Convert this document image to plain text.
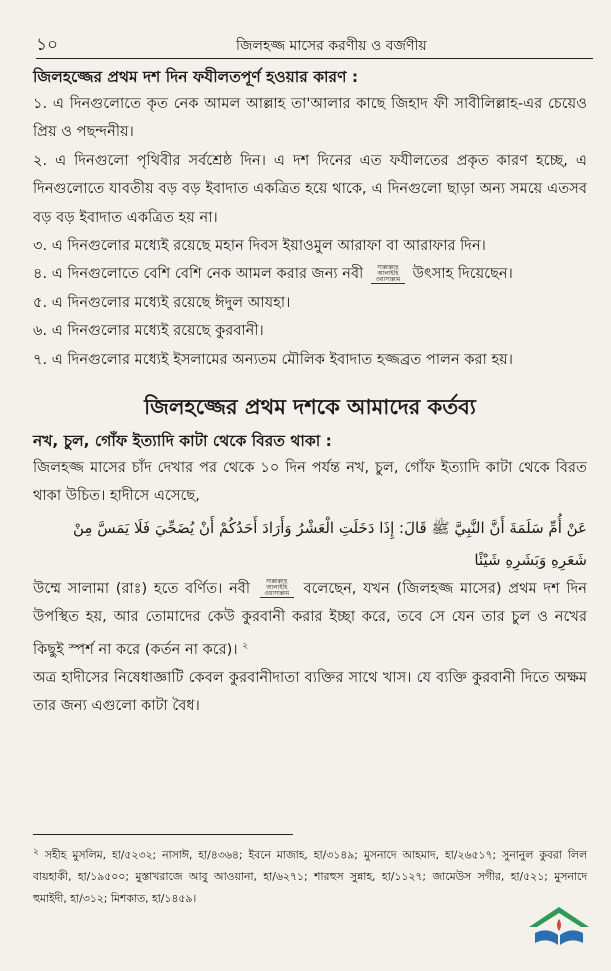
১০	জিলহজ্জ মাসের করণীয় ও বর্জণীয়

জিলহজ্জের প্রথম দশ দিন ফযীলতপূর্ণ হওয়ার কারণ :

১. এ দিনগুলোতে কৃত নেক আমল আল্লাহ তা'আলার কাছে জিহাদ ফী সাবীলিল্লাহ-এর চেয়েও প্রিয় ও পছন্দনীয়।

২. এ দিনগুলো পৃথিবীর সর্বশ্রেষ্ঠ দিন। এ দশ দিনের এত ফযীলতের প্রকৃত কারণ হচ্ছে, এ দিনগুলোতে যাবতীয় বড় বড় ইবাদাত একত্রিত হয়ে থাকে, এ দিনগুলো ছাড়া অন্য সময়ে এতসব বড় বড় ইবাদাত একত্রিত হয় না।

৩. এ দিনগুলোর মধ্যেই রয়েছে মহান দিবস ইয়াওমুল আরাফা বা আরাফার দিন।

৪. এ দিনগুলোতে বেশি বেশি নেক আমল করার জন্য নবী সাল্লাল্লাহু
আলাইহি
ওয়াসাল্লাম উৎসাহ দিয়েছেন।

৫. এ দিনগুলোর মধ্যেই রয়েছে ঈদুল আযহা।

৬. এ দিনগুলোর মধ্যেই রয়েছে কুরবানী।

৭. এ দিনগুলোর মধ্যেই ইসলামের অন্যতম মৌলিক ইবাদাত হজ্জব্রত পালন করা হয়।

জিলহজ্জের প্রথম দশকে আমাদের কর্তব্য

নখ, চুল, গোঁফ ইত্যাদি কাটা থেকে বিরত থাকা :

জিলহজ্জ মাসের চাঁদ দেখার পর থেকে ১০ দিন পর্যন্ত নখ, চুল, গোঁফ ইত্যাদি কাটা থেকে বিরত থাকা উচিত। হাদীসে এসেছে,

عَنْ أُمِّ سَلَمَةَ أَنَّ النَّبِيَّ ﷺ قَالَ: إِذَا دَخَلَتِ الْعَشْرُ وَأَرَادَ أَحَدُكُمْ أَنْ يُضَحِّيَ فَلَا يَمَسَّ مِنْ

شَعَرِهِ وَبَشَرِهِ شَيْئًا

উম্মে সালামা (রাঃ) হতে বর্ণিত। নবী	সাল্লাল্লাহু
আলাইহি
ওয়াসাল্লাম বলেছেন, যখন (জিলহজ্জ মাসের) প্রথম দশ দিন উপস্থিত হয়, আর তোমাদের কেউ কুরবানী করার ইচ্ছা করে, তবে সে যেন তার চুল ও নখের কিছুই স্পর্শ না করে (কর্তন না করে)। $^২$

অত্র হাদীসের নিষেধাজ্ঞাটি কেবল কুরবানীদাতা ব্যক্তির সাথে খাস। যে ব্যক্তি কুরবানী দিতে অক্ষম তার জন্য এগুলো কাটা বৈধ।

$^২$ সহীহ মুসলিম, হা/৫২৩২; নাসাঈ, হা/৪৩৬৪; ইবনে মাজাহ, হা/৩১৪৯; মুসনাদে আহমাদ, হা/২৬৫১৭; সুনানুল কুবরা লিল বায়হাকী, হা/১৯৫০০; মুস্তাখরাজে আবু আওয়ানা, হা/৬২৭১; শারহুস সুন্নাহ, হা/১১২৭; জামেউস সগীর, হা/৫২১; মুসনাদে হুমাইদী, হা/৩১২; মিশকাত, হা/১৪৫৯।
